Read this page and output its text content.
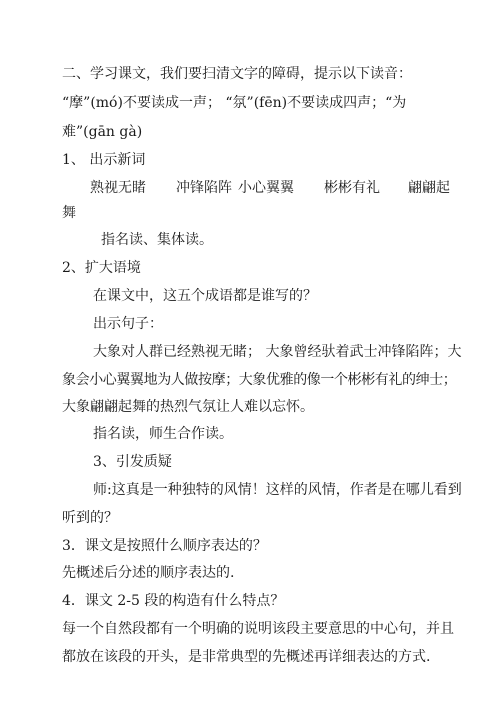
二、学习课文，我们要扫清文字的障碍，提示以下读音：
“摩”(mó)不要读成一声； “氛”(fēn)不要读成四声；“为
难”(gān gà)
1、 出示新词
熟视无睹 冲锋陷阵 小心翼翼 彬彬有礼 翩翩起
舞
指名读、集体读。
2、扩大语境
在课文中，这五个成语都是谁写的？
出示句子：
大象对人群已经熟视无睹； 大象曾经驮着武士冲锋陷阵；大
象会小心翼翼地为人做按摩；大象优雅的像一个彬彬有礼的绅士；
大象翩翩起舞的热烈气氛让人难以忘怀。
指名读，师生合作读。
3、引发质疑
师:这真是一种独特的风情！这样的风情，作者是在哪儿看到
听到的？
3．课文是按照什么顺序表达的？
先概述后分述的顺序表达的.
4．课文 2-5 段的构造有什么特点？
每一个自然段都有一个明确的说明该段主要意思的中心句，并且
都放在该段的开头，是非常典型的先概述再详细表达的方式.
